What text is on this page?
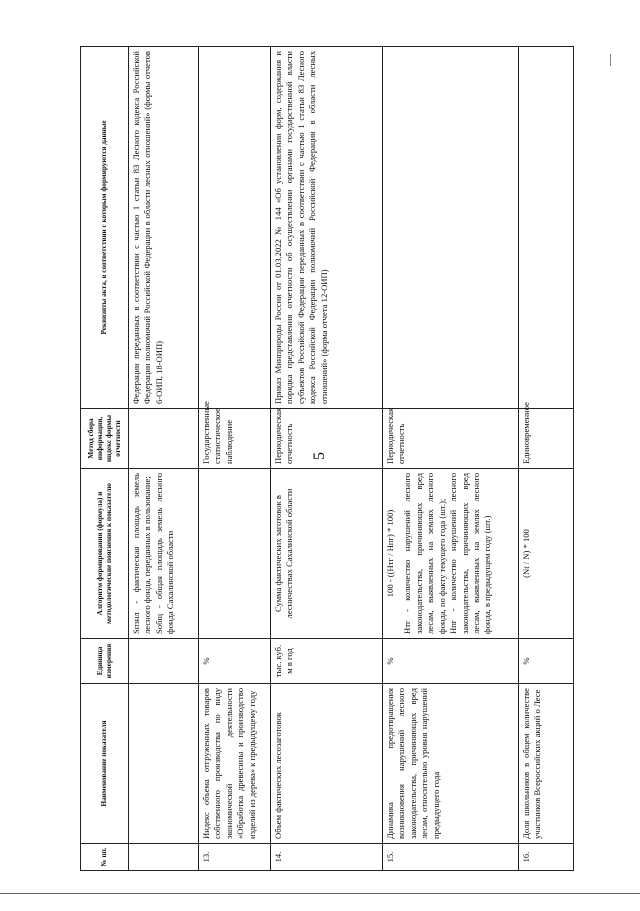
5
№ пп.	Наименование показателя	Единица измерения	Алгоритм формирования (формула) и методологические пояснения к показателю	Метод сбора информации, индекс формы отчетности	Реквизиты акта, в соответствии с которым формируются данные

			Sпзнл - фактическая площадь земель лесного фонда, переданных в пользование; Sобщ - общая площадь земель лесного фонда Сахалинской области		Федерации переданных в соответствии с частью 1 статьи 83 Лесного кодекса Российской Федерации полномочий Российской Федерации в области лесных отношений» (формы отчетов 6-ОИП, 18-ОИП)
13.	Индекс объема отгруженных товаров собственного производства по виду экономической деятельности «Обработка древесины и производство изделий из дерева» к предыдущему году	%		Государственные статистическое наблюдение	
14.	Объем фактических лесозаготовок	тыс. куб. м в год	Сумма фактических заготовок в лесничествах Сахалинской области	Периодическая отчетность	Приказ Минприроды России от 01.03.2022 № 144 «Об установлении форм, содержания и порядка представления отчетности об осуществлении органами государственной власти субъектов Российской Федерации переданных в соответствии с частью 1 статьи 83 Лесного кодекса Российской Федерации полномочий Российской Федерации в области лесных отношений» (форма отчета 12-ОИП)
15.	Динамика предотвращения возникновения нарушений лесного законодательства, причиняющих вред лесам, относительно уровня нарушений предыдущего года	%	100 - ((Нтг / Нпг) * 100) Нтг - количество нарушений лесного законодательства, причиняющих вред лесам, выявленных на землях лесного фонда, по факту текущего года (шт.); Нпг - количество нарушений лесного законодательства, причиняющих вред лесам, выявленных на землях лесного фонда, в предыдущем году (шт.)	Периодическая отчетность	
16.	Доля школьников в общем количестве участников Всероссийских акций о Лесе	%	(Nt / N) * 100	Единовременное	
